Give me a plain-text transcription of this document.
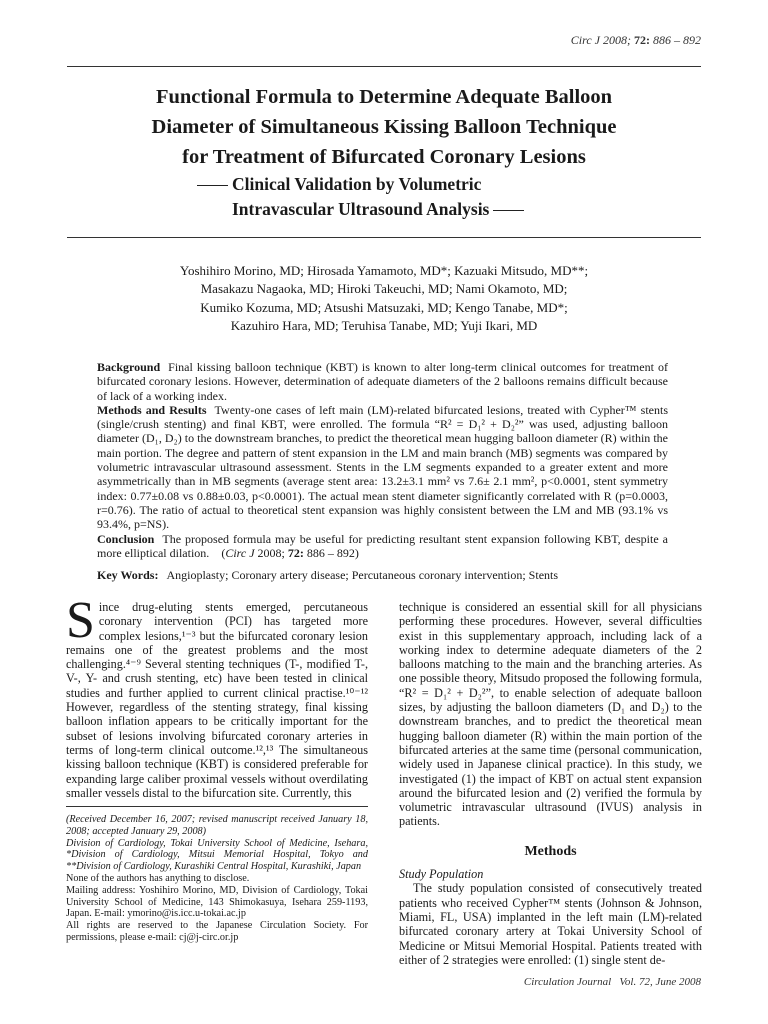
Circ J 2008; 72: 886 – 892
Functional Formula to Determine Adequate Balloon
Diameter of Simultaneous Kissing Balloon Technique
for Treatment of Bifurcated Coronary Lesions
Clinical Validation by Volumetric
Intravascular Ultrasound Analysis
Yoshihiro Morino, MD; Hirosada Yamamoto, MD*; Kazuaki Mitsudo, MD**;
Masakazu Nagaoka, MD; Hiroki Takeuchi, MD; Nami Okamoto, MD;
Kumiko Kozuma, MD; Atsushi Matsuzaki, MD; Kengo Tanabe, MD*;
Kazuhiro Hara, MD; Teruhisa Tanabe, MD; Yuji Ikari, MD

Background Final kissing balloon technique (KBT) is known to alter long-term clinical outcomes for treatment of bifurcated coronary lesions. However, determination of adequate diameters of the 2 balloons remains difficult because of lack of a working index.

Methods and Results Twenty-one cases of left main (LM)-related bifurcated lesions, treated with Cypher™ stents (single/crush stenting) and final KBT, were enrolled. The formula “R² = D₁² + D₂²” was used, adjusting balloon diameter (D₁, D₂) to the downstream branches, to predict the theoretical mean hugging balloon diameter (R) within the main portion. The degree and pattern of stent expansion in the LM and main branch (MB) segments was compared by volumetric intravascular ultrasound assessment. Stents in the LM segments expanded to a greater extent and more asymmetrically than in MB segments (average stent area: 13.2±3.1 mm² vs 7.6± 2.1 mm², p<0.0001, stent symmetry index: 0.77±0.08 vs 0.88±0.03, p<0.0001). The actual mean stent diameter significantly correlated with R (p=0.0003, r=0.76). The ratio of actual to theoretical stent expansion was highly consistent between the LM and MB (93.1% vs 93.4%, p=NS).

Conclusion The proposed formula may be useful for predicting resultant stent expansion following KBT, despite a more elliptical dilation. (Circ J 2008; 72: 886 – 892)

Key Words: Angioplasty; Coronary artery disease; Percutaneous coronary intervention; Stents

Since drug-eluting stents emerged, percutaneous coronary intervention (PCI) has targeted more complex lesions,¹⁻³ but the bifurcated coronary lesion remains one of the greatest problems and the most challenging.⁴⁻⁹ Several stenting techniques (T-, modified T-, V-, Y- and crush stenting, etc) have been tested in clinical studies and further applied to current clinical practise.¹⁰⁻¹² However, regardless of the stenting strategy, final kissing balloon inflation appears to be critically important for the subset of lesions involving bifurcated coronary arteries in terms of long-term clinical outcome.¹²,¹³ The simultaneous kissing balloon technique (KBT) is considered preferable for expanding large caliber proximal vessels without overdilating smaller vessels distal to the bifurcation site. Currently, this

(Received December 16, 2007; revised manuscript received January 18, 2008; accepted January 29, 2008)

Division of Cardiology, Tokai University School of Medicine, Isehara, *Division of Cardiology, Mitsui Memorial Hospital, Tokyo and **Division of Cardiology, Kurashiki Central Hospital, Kurashiki, Japan

None of the authors has anything to disclose.

Mailing address: Yoshihiro Morino, MD, Division of Cardiology, Tokai University School of Medicine, 143 Shimokasuya, Isehara 259-1193, Japan. E-mail: ymorino@is.icc.u-tokai.ac.jp

All rights are reserved to the Japanese Circulation Society. For permissions, please e-mail: cj@j-circ.or.jp

technique is considered an essential skill for all physicians performing these procedures. However, several difficulties exist in this supplementary approach, including lack of a working index to determine adequate diameters of the 2 balloons matching to the main and the branching arteries. As one possible theory, Mitsudo proposed the following formula, “R² = D₁² + D₂²”, to enable selection of adequate balloon sizes, by adjusting the balloon diameters (D₁ and D₂) to the downstream branches, and to predict the theoretical mean hugging balloon diameter (R) within the main portion of the bifurcated arteries at the same time (personal communication, widely used in Japanese clinical practice). In this study, we investigated (1) the impact of KBT on actual stent expansion around the bifurcated lesion and (2) verified the formula by volumetric intravascular ultrasound (IVUS) analysis in patients.

Methods

Study Population

The study population consisted of consecutively treated patients who received Cypher™ stents (Johnson & Johnson, Miami, FL, USA) implanted in the left main (LM)-related bifurcated coronary artery at Tokai University School of Medicine or Mitsui Memorial Hospital. Patients treated with either of 2 strategies were enrolled: (1) single stent de-

Circulation Journal Vol. 72, June 2008
